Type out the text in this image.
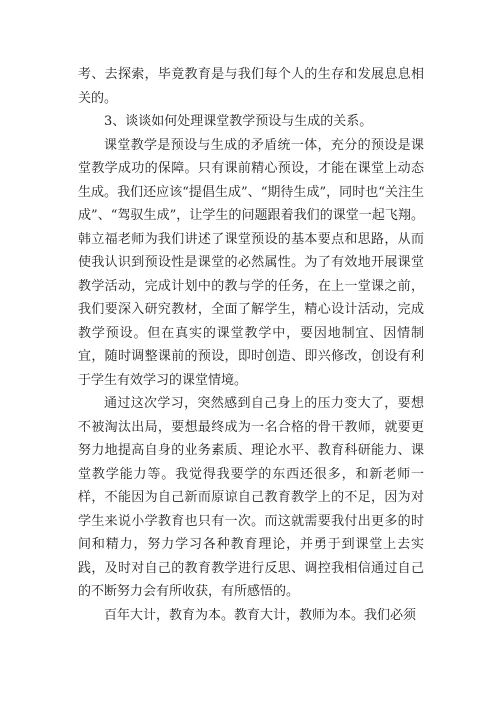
考、去探索，毕竟教育是与我们每个人的生存和发展息息相关的。

3、谈谈如何处理课堂教学预设与生成的关系。

课堂教学是预设与生成的矛盾统一体，充分的预设是课堂教学成功的保障。只有课前精心预设，才能在课堂上动态生成。我们还应该“提倡生成”、“期待生成”，同时也“关注生成”、“驾驭生成”，让学生的问题跟着我们的课堂一起飞翔。韩立福老师为我们讲述了课堂预设的基本要点和思路，从而使我认识到预设性是课堂的必然属性。为了有效地开展课堂教学活动，完成计划中的教与学的任务，在上一堂课之前，我们要深入研究教材，全面了解学生，精心设计活动，完成教学预设。但在真实的课堂教学中，要因地制宜、因情制宜，随时调整课前的预设，即时创造、即兴修改，创设有利于学生有效学习的课堂情境。

通过这次学习，突然感到自己身上的压力变大了，要想不被淘汰出局，要想最终成为一名合格的骨干教师，就要更努力地提高自身的业务素质、理论水平、教育科研能力、课堂教学能力等。我觉得我要学的东西还很多，和新老师一样，不能因为自己新而原谅自己教育教学上的不足，因为对学生来说小学教育也只有一次。而这就需要我付出更多的时间和精力，努力学习各种教育理论，并勇于到课堂上去实践，及时对自己的教育教学进行反思、调控我相信通过自己的不断努力会有所收获，有所感悟的。

百年大计，教育为本。教育大计，教师为本。我们必须
